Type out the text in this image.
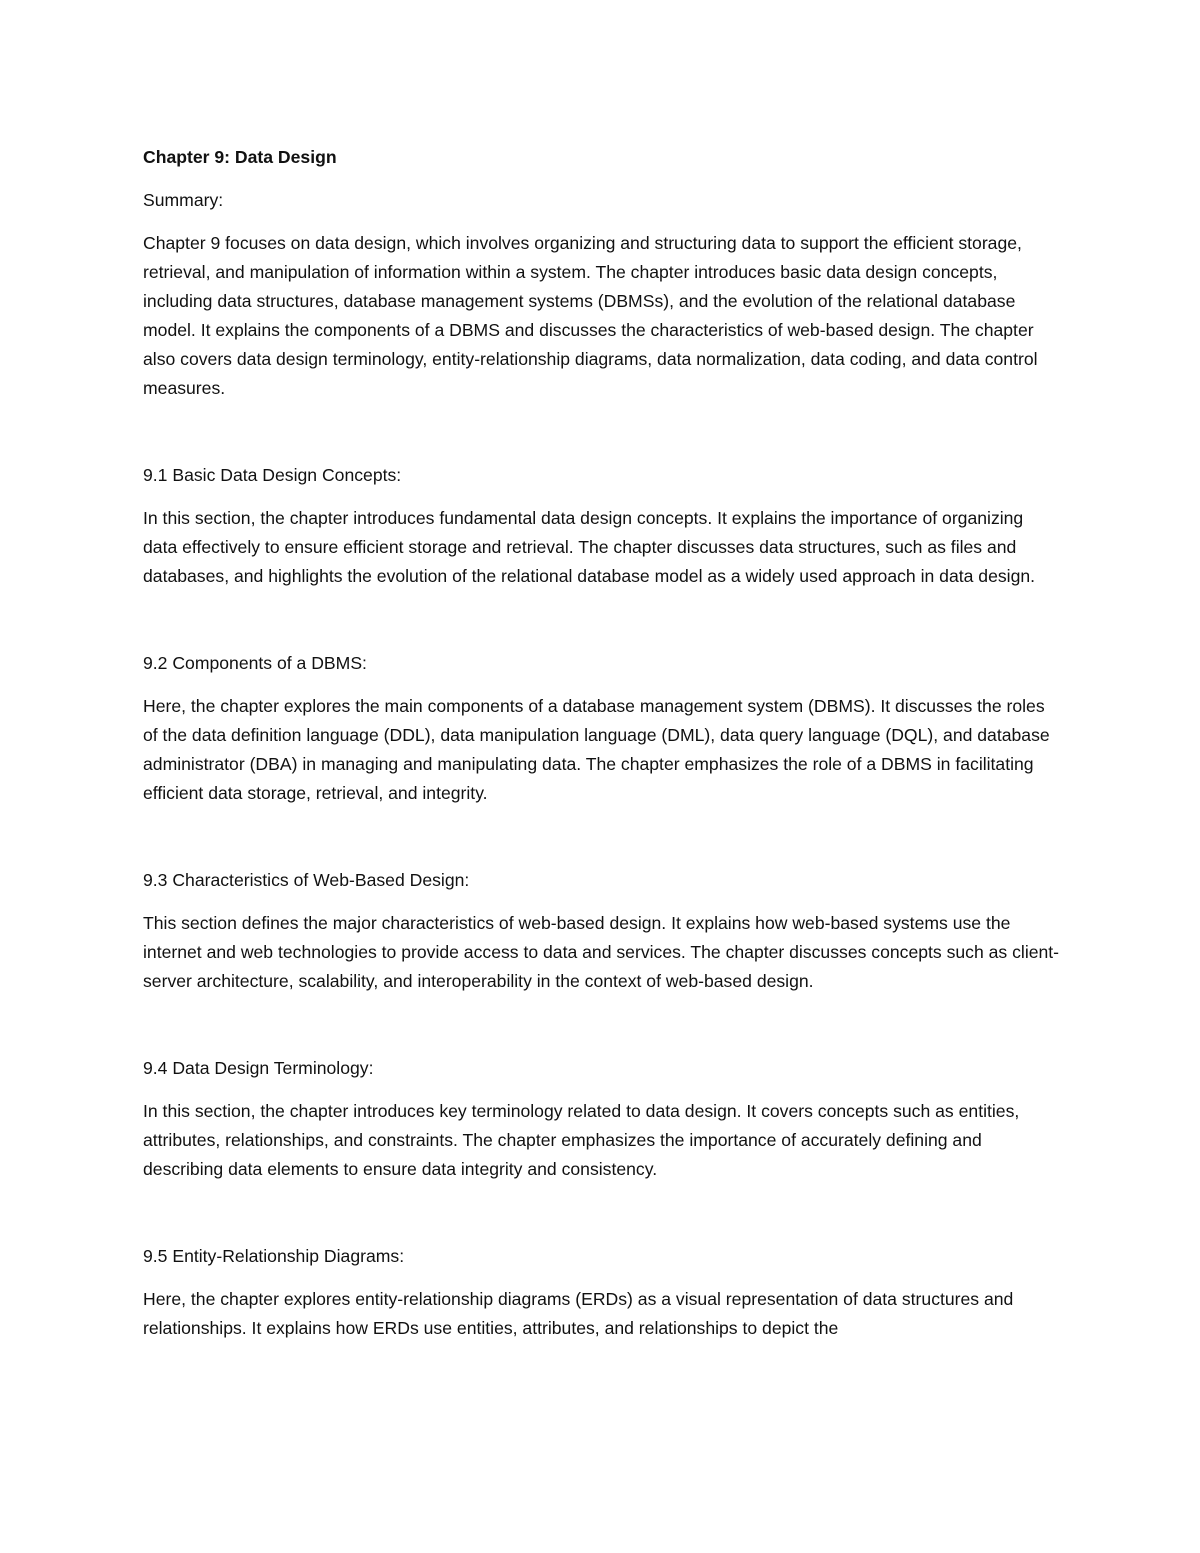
Chapter 9: Data Design
Summary:

Chapter 9 focuses on data design, which involves organizing and structuring data to support the efficient storage, retrieval, and manipulation of information within a system. The chapter introduces basic data design concepts, including data structures, database management systems (DBMSs), and the evolution of the relational database model. It explains the components of a DBMS and discusses the characteristics of web-based design. The chapter also covers data design terminology, entity-relationship diagrams, data normalization, data coding, and data control measures.

9.1 Basic Data Design Concepts:

In this section, the chapter introduces fundamental data design concepts. It explains the importance of organizing data effectively to ensure efficient storage and retrieval. The chapter discusses data structures, such as files and databases, and highlights the evolution of the relational database model as a widely used approach in data design.

9.2 Components of a DBMS:

Here, the chapter explores the main components of a database management system (DBMS). It discusses the roles of the data definition language (DDL), data manipulation language (DML), data query language (DQL), and database administrator (DBA) in managing and manipulating data. The chapter emphasizes the role of a DBMS in facilitating efficient data storage, retrieval, and integrity.

9.3 Characteristics of Web-Based Design:

This section defines the major characteristics of web-based design. It explains how web-based systems use the internet and web technologies to provide access to data and services. The chapter discusses concepts such as client-server architecture, scalability, and interoperability in the context of web-based design.

9.4 Data Design Terminology:

In this section, the chapter introduces key terminology related to data design. It covers concepts such as entities, attributes, relationships, and constraints. The chapter emphasizes the importance of accurately defining and describing data elements to ensure data integrity and consistency.

9.5 Entity-Relationship Diagrams:

Here, the chapter explores entity-relationship diagrams (ERDs) as a visual representation of data structures and relationships. It explains how ERDs use entities, attributes, and relationships to depict the
